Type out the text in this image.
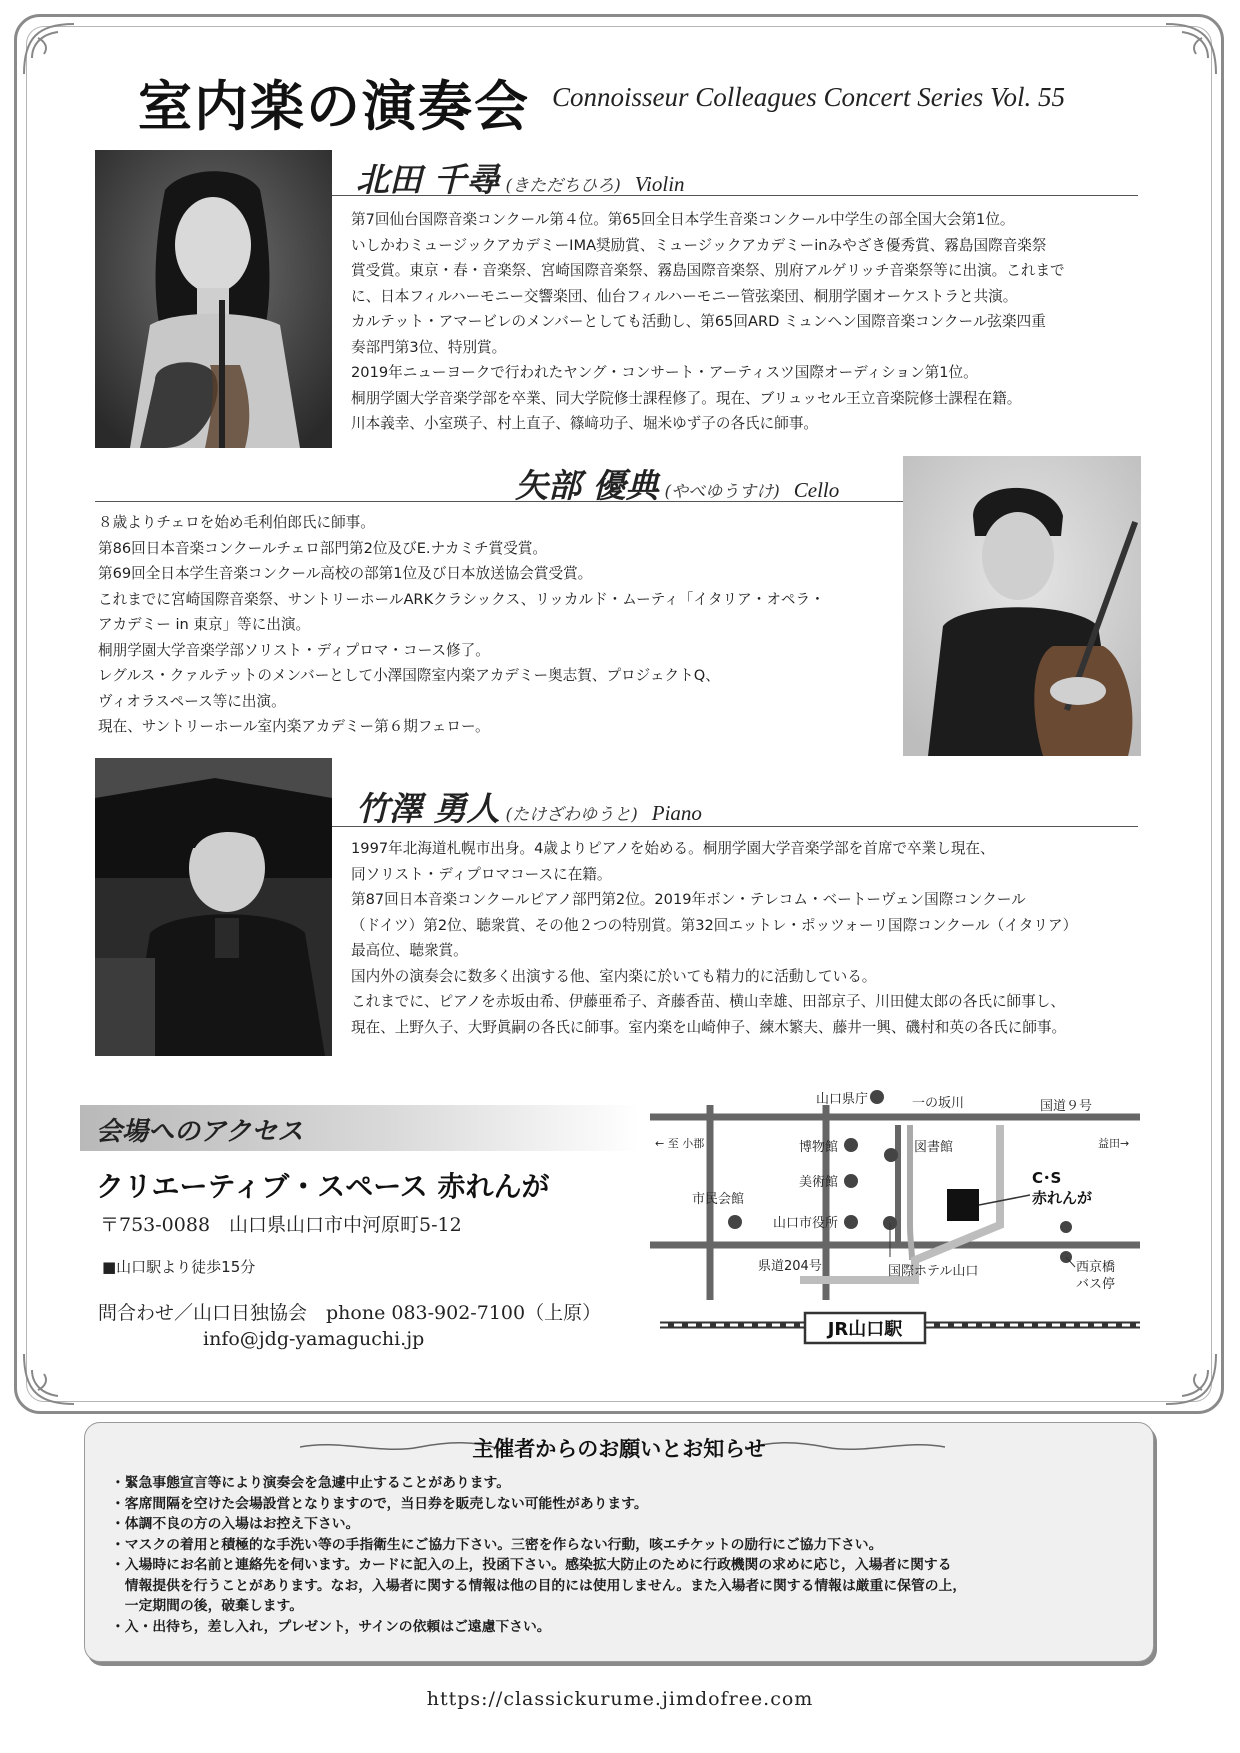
室内楽の演奏会 Connoisseur Colleagues Concert Series Vol. 55
北田 千尋 (きただちひろ) Violin
第7回仙台国際音楽コンクール第４位。第65回全日本学生音楽コンクール中学生の部全国大会第1位。
いしかわミュージックアカデミーIMA奨励賞、ミュージックアカデミーinみやざき優秀賞、霧島国際音楽祭
賞受賞。東京・春・音楽祭、宮崎国際音楽祭、霧島国際音楽祭、別府アルゲリッチ音楽祭等に出演。これまで
に、日本フィルハーモニー交響楽団、仙台フィルハーモニー管弦楽団、桐朋学園オーケストラと共演。
カルテット・アマービレのメンバーとしても活動し、第65回ARD ミュンヘン国際音楽コンクール弦楽四重
奏部門第3位、特別賞。
2019年ニューヨークで行われたヤング・コンサート・アーティスツ国際オーディション第1位。
桐朋学園大学音楽学部を卒業、同大学院修士課程修了。現在、ブリュッセル王立音楽院修士課程在籍。
川本義幸、小室瑛子、村上直子、篠﨑功子、堀米ゆず子の各氏に師事。
矢部 優典 (やべゆうすけ) Cello
８歳よりチェロを始め毛利伯郎氏に師事。
第86回日本音楽コンクールチェロ部門第2位及びE.ナカミチ賞受賞。
第69回全日本学生音楽コンクール高校の部第1位及び日本放送協会賞受賞。
これまでに宮崎国際音楽祭、サントリーホールARKクラシックス、リッカルド・ムーティ「イタリア・オペラ・
アカデミー in 東京」等に出演。
桐朋学園大学音楽学部ソリスト・ディプロマ・コース修了。
レグルス・クァルテットのメンバーとして小澤国際室内楽アカデミー奥志賀、プロジェクトQ、
ヴィオラスペース等に出演。
現在、サントリーホール室内楽アカデミー第６期フェロー。
竹澤 勇人 (たけざわゆうと) Piano
1997年北海道札幌市出身。4歳よりピアノを始める。桐朋学園大学音楽学部を首席で卒業し現在、
同ソリスト・ディプロマコースに在籍。
第87回日本音楽コンクールピアノ部門第2位。2019年ボン・テレコム・ベートーヴェン国際コンクール
（ドイツ）第2位、聴衆賞、その他２つの特別賞。第32回エットレ・ポッツォーリ国際コンクール（イタリア）
最高位、聴衆賞。
国内外の演奏会に数多く出演する他、室内楽に於いても精力的に活動している。
これまでに、ピアノを赤坂由希、伊藤亜希子、斉藤香苗、横山幸雄、田部京子、川田健太郎の各氏に師事し、
現在、上野久子、大野眞嗣の各氏に師事。室内楽を山崎伸子、練木繁夫、藤井一興、磯村和英の各氏に師事。
会場へのアクセス
クリエーティブ・スペース 赤れんが
〒753-0088　山口県山口市中河原町5-12
■山口駅より徒歩15分
問合わせ／山口日独協会　phone 083-902-7100（上原）
info@jdg-yamaguchi.jp	JR山口駅
山口県庁	一の坂川	国道９号
← 至 小郡	益田→
博物館	図書館
美術館	C･S
赤れんが
市民会館
山口市役所
県道204号	国際ホテル山口	西京橋
バス停
主催者からのお願いとお知らせ
・緊急事態宣言等により演奏会を急遽中止することがあります。
・客席間隔を空けた会場設営となりますので，当日券を販売しない可能性があります。
・体調不良の方の入場はお控え下さい。
・マスクの着用と積極的な手洗い等の手指衛生にご協力下さい。三密を作らない行動，咳エチケットの励行にご協力下さい。
・入場時にお名前と連絡先を伺います。カードに記入の上，投函下さい。感染拡大防止のために行政機関の求めに応じ，入場者に関する
　情報提供を行うことがあります。なお，入場者に関する情報は他の目的には使用しません。また入場者に関する情報は厳重に保管の上，
　一定期間の後，破棄します。
・入・出待ち，差し入れ，プレゼント，サインの依頼はご遠慮下さい。
https://classickurume.jimdofree.com
